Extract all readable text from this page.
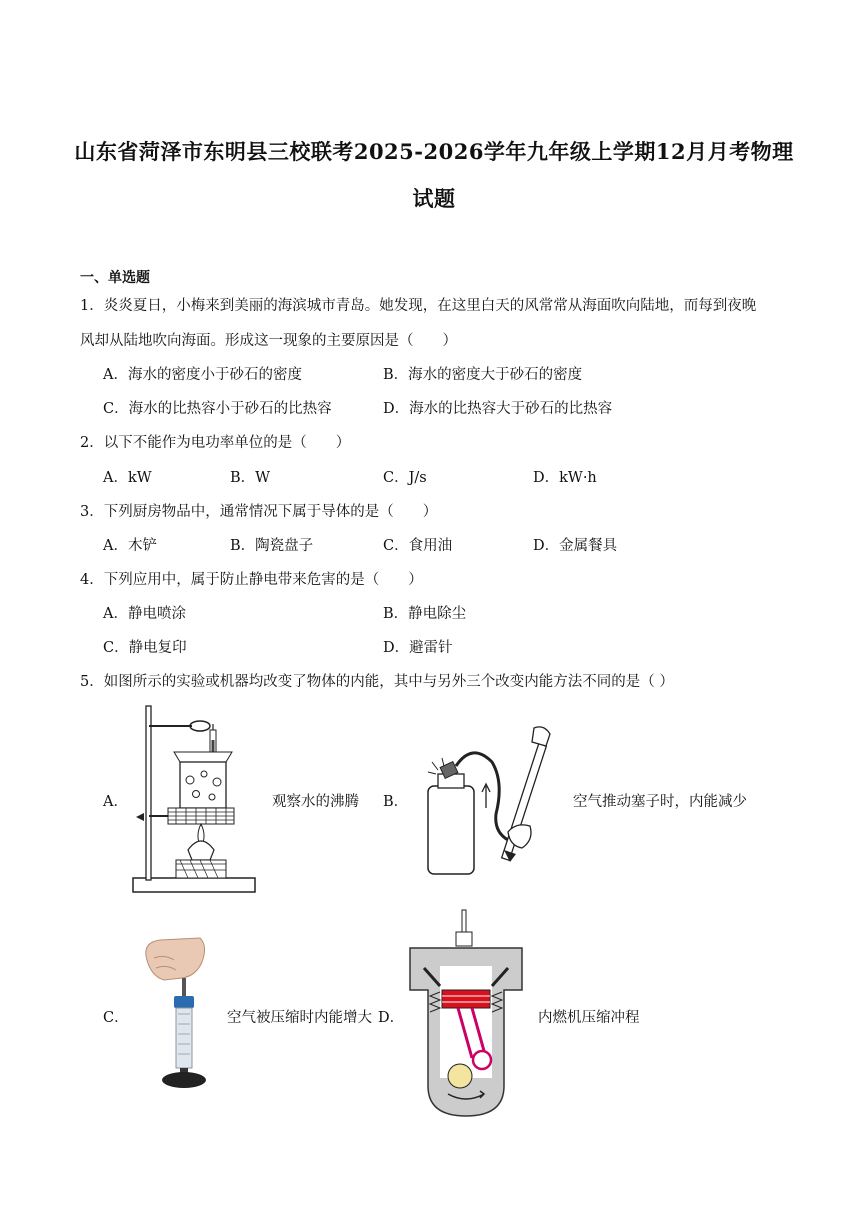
山东省菏泽市东明县三校联考2025-2026学年九年级上学期12月月考物理
试题
一、单选题
1．炎炎夏日，小梅来到美丽的海滨城市青岛。她发现，在这里白天的风常常从海面吹向陆地，而每到夜晚
风却从陆地吹向海面。形成这一现象的主要原因是（　　）
A．海水的密度小于砂石的密度	B．海水的密度大于砂石的密度
C．海水的比热容小于砂石的比热容	D．海水的比热容大于砂石的比热容
2．以下不能作为电功率单位的是（　　）
A．kW	B．W	C．J/s	D．kW·h
3．下列厨房物品中，通常情况下属于导体的是（　　）
A．木铲	B．陶瓷盘子	C．食用油	D．金属餐具
4．下列应用中，属于防止静电带来危害的是（　　）
A．静电喷涂	B．静电除尘
C．静电复印	D．避雷针
5．如图所示的实验或机器均改变了物体的内能，其中与另外三个改变内能方法不同的是（ ）
A．	观察水的沸腾 B．	空气推动塞子时，内能减少
C．	空气被压缩时内能增大 D．	内燃机压缩冲程
